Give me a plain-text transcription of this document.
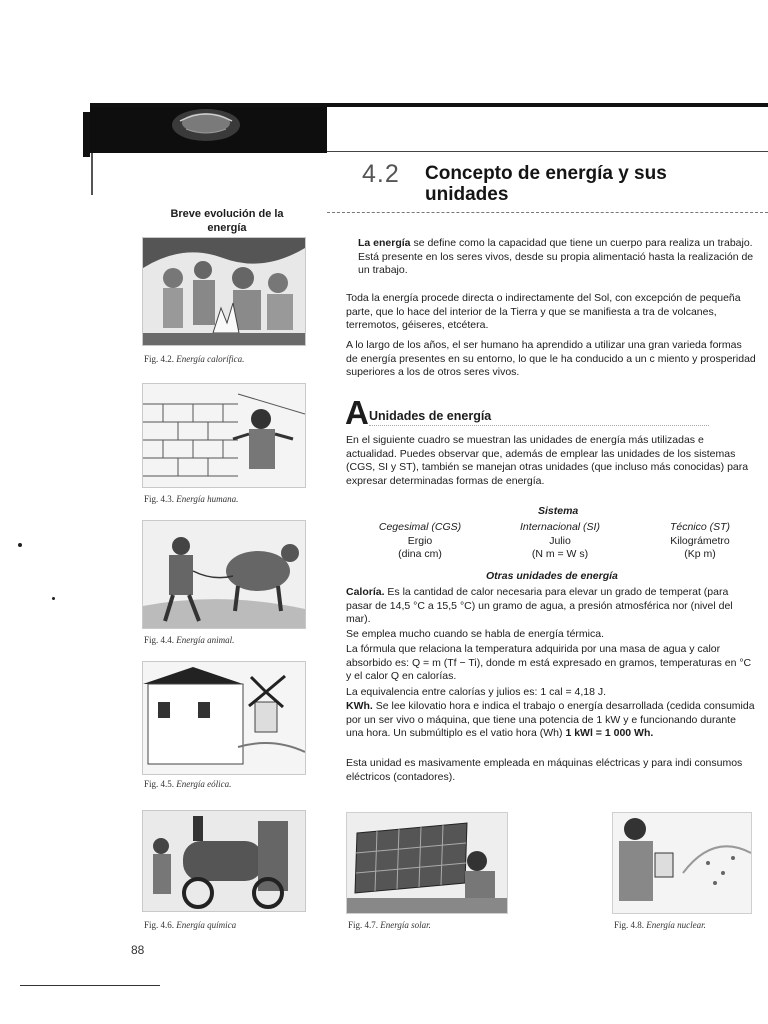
4.2 Concepto de energía y sus unidades
Breve evolución de la energía
Fig. 4.2. Energía calorífica.
Fig. 4.3. Energía humana.
Fig. 4.4. Energía animal.
Fig. 4.5. Energía eólica.
Fig. 4.6. Energía química
La energía se define como la capacidad que tiene un cuerpo para realiza un trabajo. Está presente en los seres vivos, desde su propia alimentació hasta la realización de un trabajo.
Toda la energía procede directa o indirectamente del Sol, con excepción de pequeña parte, que lo hace del interior de la Tierra y que se manifiesta a tra de volcanes, terremotos, géiseres, etcétera.
A lo largo de los años, el ser humano ha aprendido a utilizar una gran varieda formas de energía presentes en su entorno, lo que le ha conducido a un c miento y prosperidad superiores a los de otros seres vivos.
A Unidades de energía
En el siguiente cuadro se muestran las unidades de energía más utilizadas e actualidad. Puedes observar que, además de emplear las unidades de los sistemas (CGS, SI y ST), también se manejan otras unidades (que incluso más conocidas) para expresar determinadas formas de energía.
Sistema
Cegesimal (CGS)
Ergio
(dina cm)
Internacional (SI)
Julio
(N m = W s)
Técnico (ST)
Kilográmetro
(Kp m)
Otras unidades de energía
Caloría. Es la cantidad de calor necesaria para elevar un grado de temperat (para pasar de 14,5 °C a 15,5 °C) un gramo de agua, a presión atmosférica nor (nivel del mar).
Se emplea mucho cuando se habla de energía térmica.
La fórmula que relaciona la temperatura adquirida por una masa de agua y calor absorbido es: Q = m (Tf − Ti), donde m está expresado en gramos, temperaturas en °C y el calor Q en calorías.
La equivalencia entre calorías y julios es: 1 cal = 4,18 J.
KWh. Se lee kilovatio hora e indica el trabajo o energía desarrollada (cedida consumida por un ser vivo o máquina, que tiene una potencia de 1 kW y e funcionando durante una hora. Un submúltiplo es el vatio hora (Wh) 1 kWl = 1 000 Wh.
Esta unidad es masivamente empleada en máquinas eléctricas y para indi consumos eléctricos (contadores).
Fig. 4.7. Energía solar.	Fig. 4.8. Energía nuclear.
88
